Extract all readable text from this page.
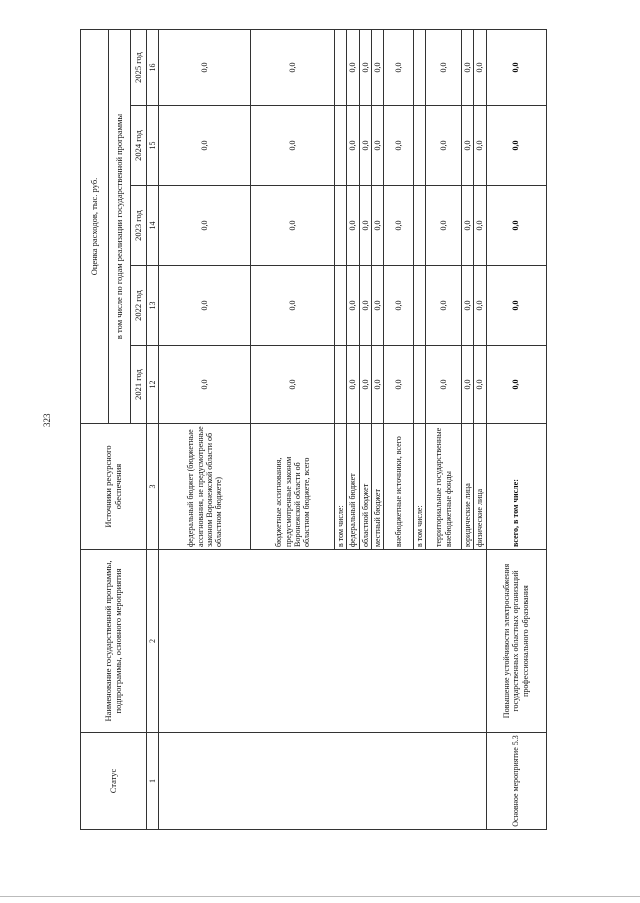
323
Статус	Наименование государственной программы, подпрограммы, основного мероприятия	Источники ресурсного обеспечения	Оценка расходов, тыс. руб.				
			в том числе по годам реализации государственной программы				
			2021 год	2022 год	2023 год	2024 год	2025 год
1	2	3	12	13	14	15	16
		федеральный бюджет (бюджетные ассигнования, не предусмотренные законом Воронежской области об областном бюджете)	0,0	0,0	0,0	0,0	0,0
		бюджетные ассигнования, предусмотренные законом Воронежской области об областном бюджете, всего	0,0	0,0	0,0	0,0	0,0
		в том числе:					
		федеральный бюджет	0,0	0,0	0,0	0,0	0,0
		областной бюджет	0,0	0,0	0,0	0,0	0,0
		местный бюджет	0,0	0,0	0,0	0,0	0,0
		внебюджетные источники, всего	0,0	0,0	0,0	0,0	0,0
		в том числе:					
		территориальные государственные внебюджетные фонды	0,0	0,0	0,0	0,0	0,0
		юридические лица	0,0	0,0	0,0	0,0	0,0
		физические лица	0,0	0,0	0,0	0,0	0,0
Основное мероприятие 5.3	Повышение устойчивости электроснабжения государственных областных организаций профессионального образования	всего, в том числе:	0,0	0,0	0,0	0,0	0,0
